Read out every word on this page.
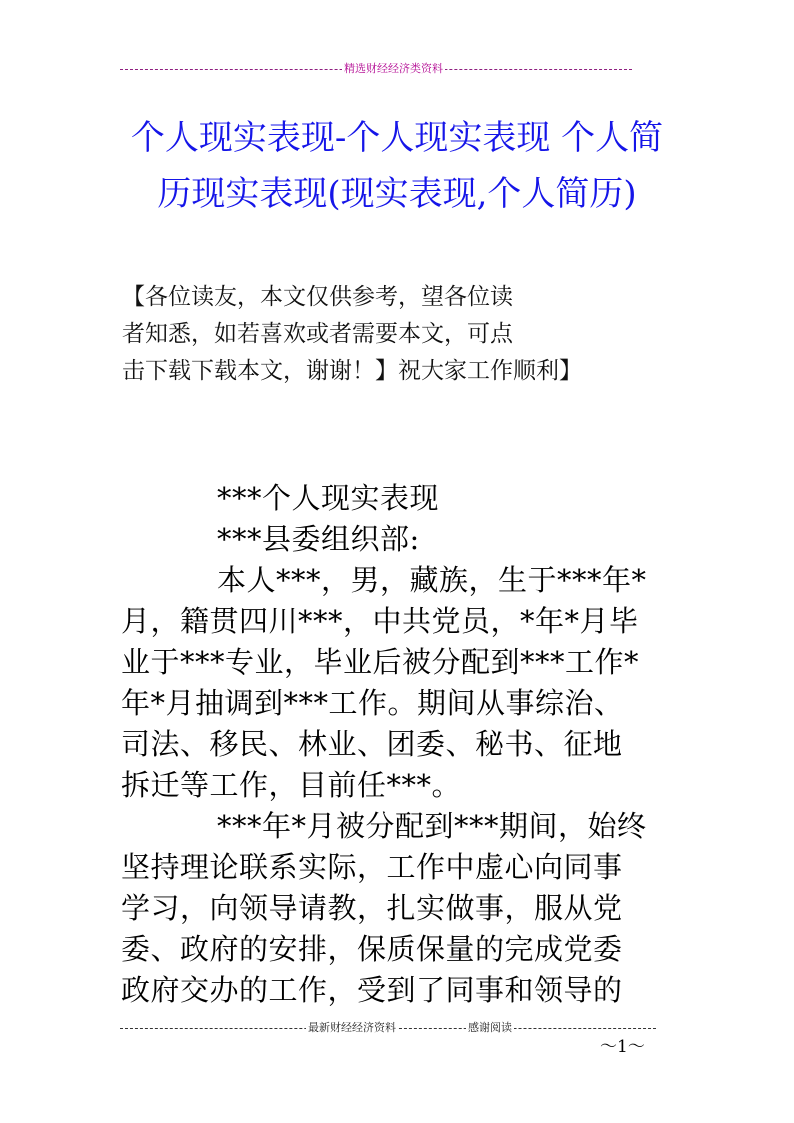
精选财经经济类资料
个人现实表现-个人现实表现 个人简
历现实表现(现实表现,个人简历)
【各位读友，本文仅供参考，望各位读
者知悉，如若喜欢或者需要本文，可点
击下载下载本文，谢谢！】祝大家工作顺利】
***个人现实表现
***县委组织部:
本人***，男，藏族，生于***年*
月，籍贯四川***，中共党员，*年*月毕
业于***专业，毕业后被分配到***工作*
年*月抽调到***工作。期间从事综治、
司法、移民、林业、团委、秘书、征地
拆迁等工作，目前任***。
***年*月被分配到***期间，始终
坚持理论联系实际，工作中虚心向同事
学习，向领导请教，扎实做事，服从党
委、政府的安排，保质保量的完成党委
政府交办的工作，受到了同事和领导的
最新财经经济资料	感谢阅读
～1～
